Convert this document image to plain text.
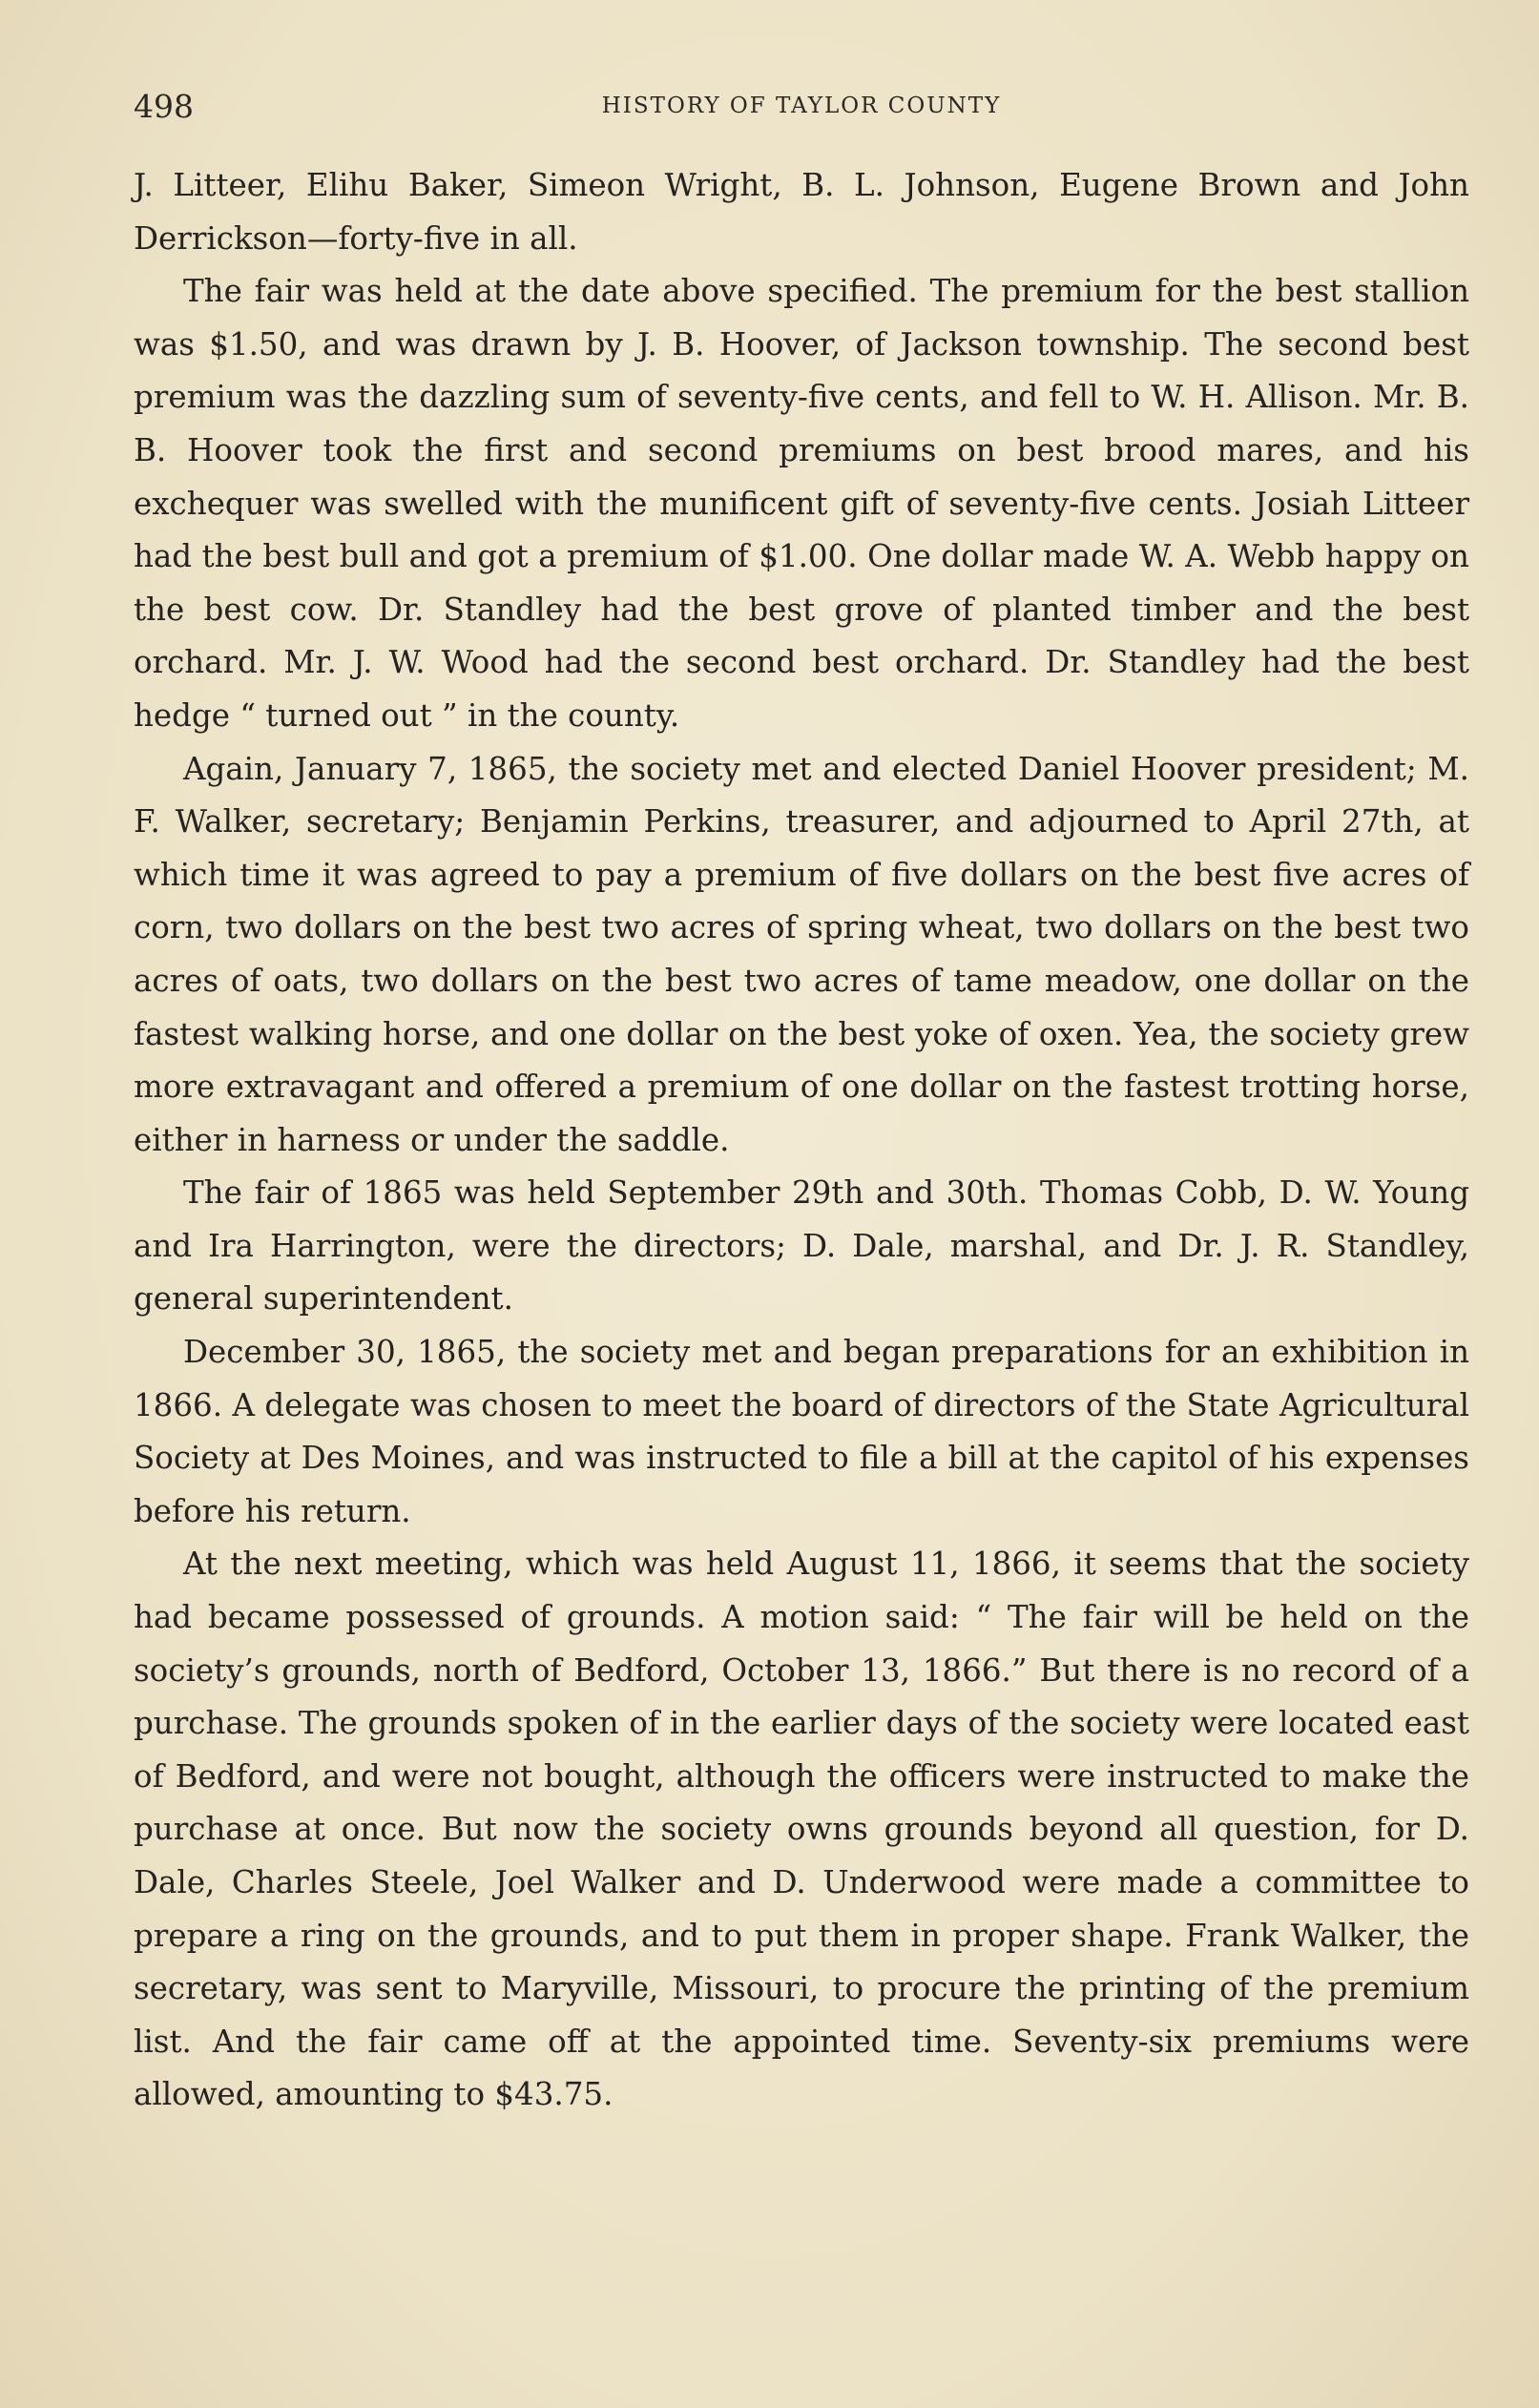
498	HISTORY OF TAYLOR COUNTY

J. Litteer, Elihu Baker, Simeon Wright, B. L. Johnson, Eugene Brown and John Derrickson—forty-five in all.

The fair was held at the date above specified. The premium for the best stallion was $1.50, and was drawn by J. B. Hoover, of Jackson township. The second best premium was the dazzling sum of seventy-five cents, and fell to W. H. Allison. Mr. B. B. Hoover took the first and second premiums on best brood mares, and his exchequer was swelled with the munificent gift of seventy-five cents. Josiah Litteer had the best bull and got a premium of $1.00. One dollar made W. A. Webb happy on the best cow. Dr. Standley had the best grove of planted timber and the best orchard. Mr. J. W. Wood had the second best orchard. Dr. Standley had the best hedge “ turned out ” in the county.

Again, January 7, 1865, the society met and elected Daniel Hoover president; M. F. Walker, secretary; Benjamin Perkins, treasurer, and adjourned to April 27th, at which time it was agreed to pay a premium of five dollars on the best five acres of corn, two dollars on the best two acres of spring wheat, two dollars on the best two acres of oats, two dollars on the best two acres of tame meadow, one dollar on the fastest walking horse, and one dollar on the best yoke of oxen. Yea, the society grew more extravagant and offered a premium of one dollar on the fastest trotting horse, either in harness or under the saddle.

The fair of 1865 was held September 29th and 30th. Thomas Cobb, D. W. Young and Ira Harrington, were the directors; D. Dale, marshal, and Dr. J. R. Standley, general superintendent.

December 30, 1865, the society met and began preparations for an exhibition in 1866. A delegate was chosen to meet the board of directors of the State Agricultural Society at Des Moines, and was instructed to file a bill at the capitol of his expenses before his return.

At the next meeting, which was held August 11, 1866, it seems that the society had became possessed of grounds. A motion said: “ The fair will be held on the society’s grounds, north of Bedford, October 13, 1866.” But there is no record of a purchase. The grounds spoken of in the earlier days of the society were located east of Bedford, and were not bought, although the officers were instructed to make the purchase at once. But now the society owns grounds beyond all question, for D. Dale, Charles Steele, Joel Walker and D. Underwood were made a committee to prepare a ring on the grounds, and to put them in proper shape. Frank Walker, the secretary, was sent to Maryville, Missouri, to procure the printing of the premium list. And the fair came off at the appointed time. Seventy-six premiums were allowed, amounting to $43.75.
